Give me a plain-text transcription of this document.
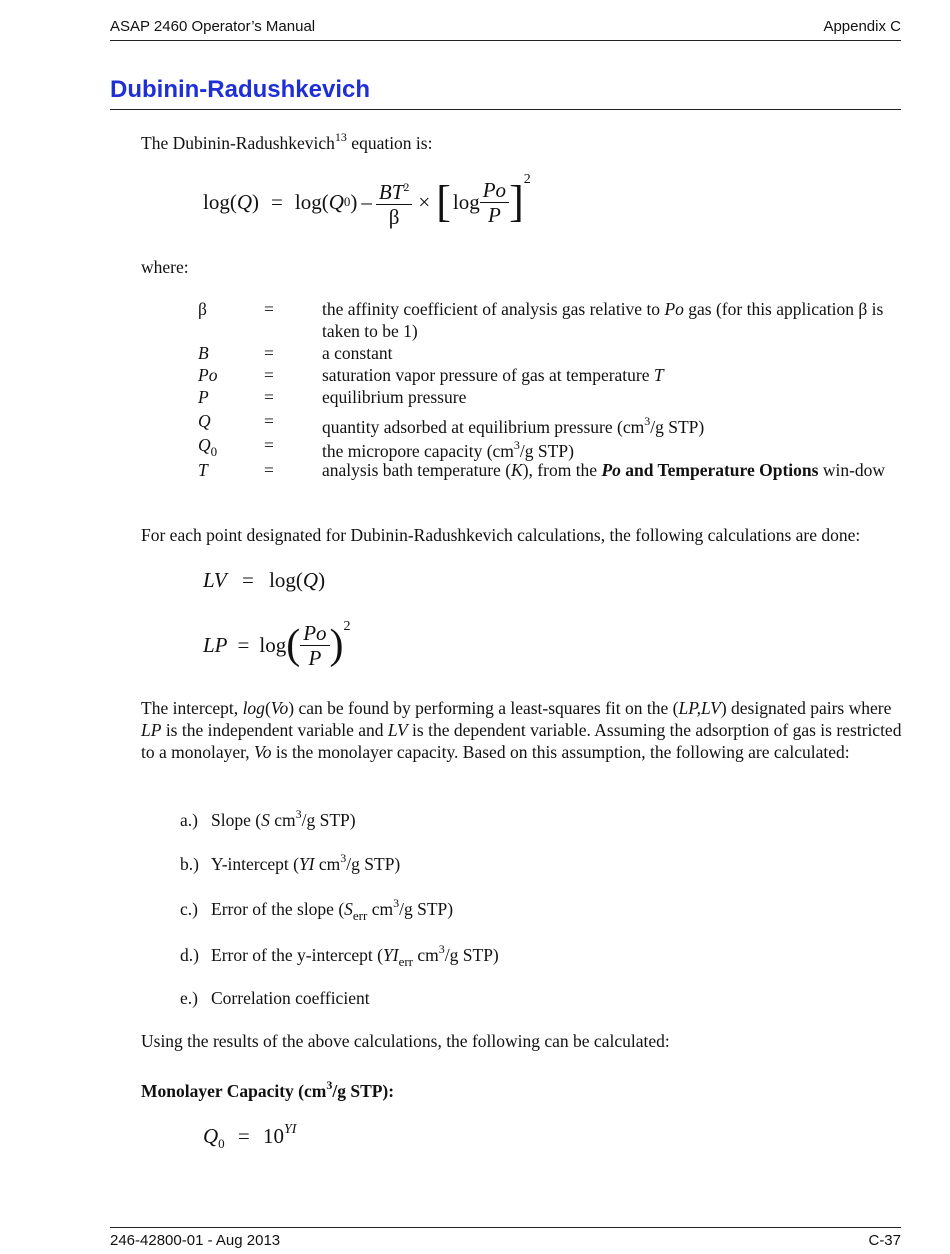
ASAP 2460 Operator’s Manual	Appendix C
Dubinin-Radushkevich
The Dubinin-Radushkevich$^{13}$ equation is:
log ( Q ) = log ( Q 0 ) – $\frac{BT^2}{\beta}$ × [ $\log \frac{Po}{P}$ ] 2
where:
β	=	the affinity coefficient of analysis gas relative to Po gas (for this application β is taken to be 1)
B	=	a constant
Po	=	saturation vapor pressure of gas at temperature T
P	=	equilibrium pressure
Q	=	quantity adsorbed at equilibrium pressure ($cm^3/g$ STP)
$Q_0$	=	the micropore capacity ($cm^3/g$ STP)
T	=	analysis bath temperature (K), from the Po and Temperature Options win-dow
For each point designated for Dubinin-Radushkevich calculations, the following calculations are done:
LV = log(Q)
LP = log ( $\frac{Po}{P}$ ) 2
The intercept, log(Vo) can be found by performing a least-squares fit on the (LP,LV) designated pairs where LP is the independent variable and LV is the dependent variable. Assuming the adsorption of gas is restricted to a monolayer, Vo is the monolayer capacity. Based on this assumption, the following are calculated:
a.) Slope (S $cm^3/g$ STP)
b.) Y-intercept (YI $cm^3/g$ STP)
c.) Error of the slope ($S_{err}$ $cm^3/g$ STP)
d.) Error of the y-intercept ($YI_{err}$ $cm^3/g$ STP)
e.) Correlation coefficient
Using the results of the above calculations, the following can be calculated:
Monolayer Capacity ($cm^3/g$ STP):
$Q_0 = 10^{YI}$
246-42800-01 - Aug 2013	C-37
